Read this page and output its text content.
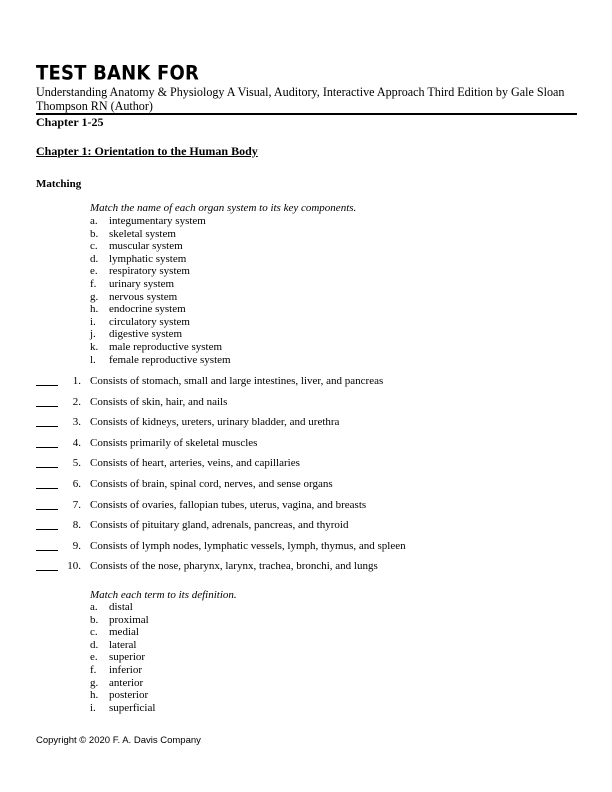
TEST BANK FOR
Understanding Anatomy & Physiology A Visual, Auditory, Interactive Approach Third Edition by Gale Sloan Thompson RN (Author)
Chapter 1-25
Chapter 1: Orientation to the Human Body
Matching
Match the name of each organ system to its key components.
a. integumentary system
b. skeletal system
c. muscular system
d. lymphatic system
e. respiratory system
f. urinary system
g. nervous system
h. endocrine system
i. circulatory system
j. digestive system
k. male reproductive system
l. female reproductive system
1. Consists of stomach, small and large intestines, liver, and pancreas
2. Consists of skin, hair, and nails
3. Consists of kidneys, ureters, urinary bladder, and urethra
4. Consists primarily of skeletal muscles
5. Consists of heart, arteries, veins, and capillaries
6. Consists of brain, spinal cord, nerves, and sense organs
7. Consists of ovaries, fallopian tubes, uterus, vagina, and breasts
8. Consists of pituitary gland, adrenals, pancreas, and thyroid
9. Consists of lymph nodes, lymphatic vessels, lymph, thymus, and spleen
10. Consists of the nose, pharynx, larynx, trachea, bronchi, and lungs
Match each term to its definition.
a. distal
b. proximal
c. medial
d. lateral
e. superior
f. inferior
g. anterior
h. posterior
i. superficial
Copyright © 2020 F. A. Davis Company
